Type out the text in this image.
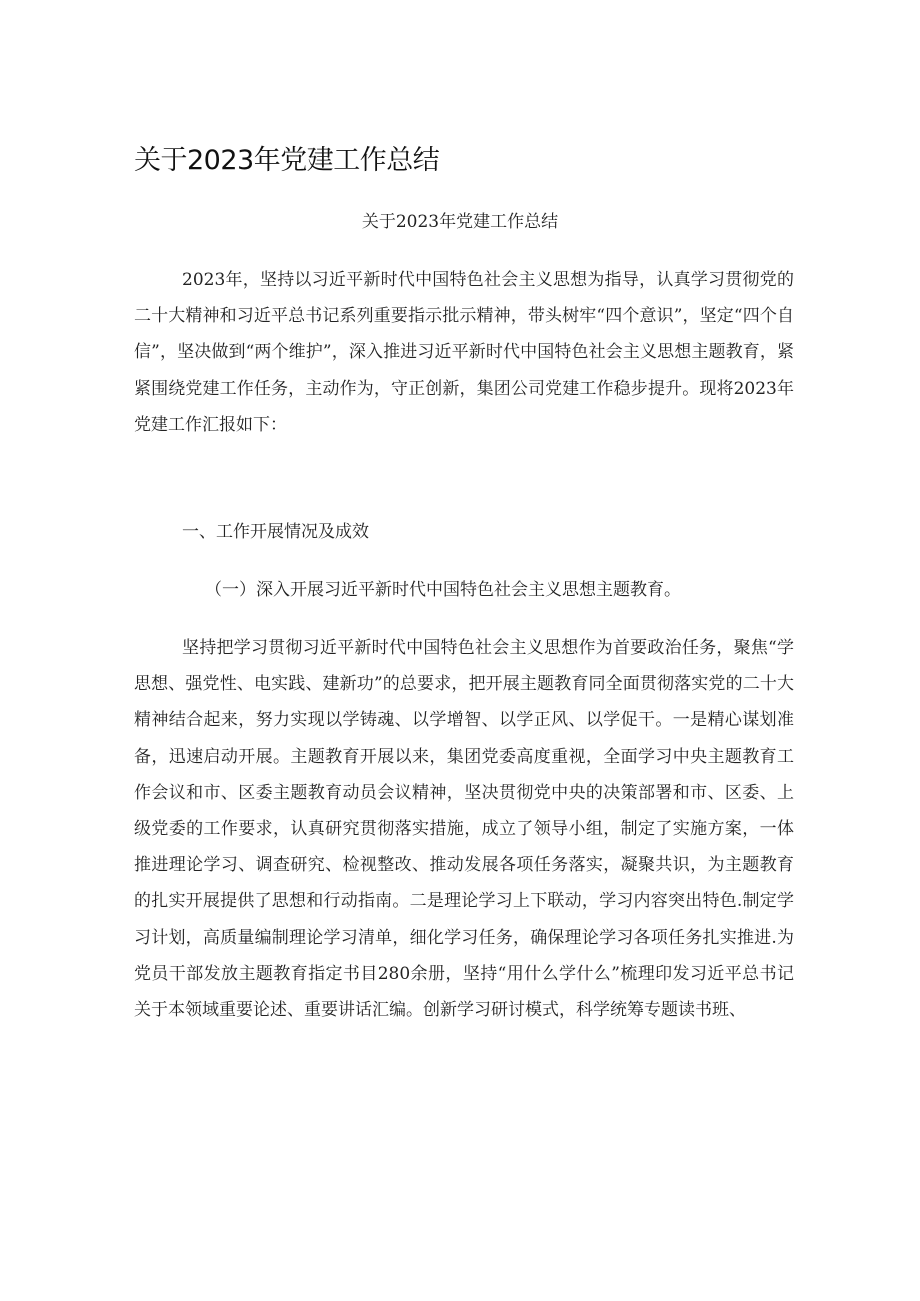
关于2023年党建工作总结

关于2023年党建工作总结

2023年，坚持以习近平新时代中国特色社会主义思想为指导，认真学习贯彻党的二十大精神和习近平总书记系列重要指示批示精神，带头树牢“四个意识”，坚定“四个自信”，坚决做到“两个维护”，深入推进习近平新时代中国特色社会主义思想主题教育，紧紧围绕党建工作任务，主动作为，守正创新，集团公司党建工作稳步提升。现将2023年党建工作汇报如下：

一、工作开展情况及成效

（一）深入开展习近平新时代中国特色社会主义思想主题教育。

坚持把学习贯彻习近平新时代中国特色社会主义思想作为首要政治任务，聚焦“学思想、强党性、电实践、建新功”的总要求，把开展主题教育同全面贯彻落实党的二十大精神结合起来，努力实现以学铸魂、以学增智、以学正风、以学促干。一是精心谋划准备，迅速启动开展。主题教育开展以来，集团党委高度重视，全面学习中央主题教育工作会议和市、区委主题教育动员会议精神，坚决贯彻党中央的决策部署和市、区委、上级党委的工作要求，认真研究贯彻落实措施，成立了领导小组，制定了实施方案，一体推进理论学习、调查研究、检视整改、推动发展各项任务落实，凝聚共识，为主题教育的扎实开展提供了思想和行动指南。二是理论学习上下联动，学习内容突出特色.制定学习计划，高质量编制理论学习清单，细化学习任务，确保理论学习各项任务扎实推进.为党员干部发放主题教育指定书目280余册，坚持“用什么学什么”梳理印发习近平总书记关于本领域重要论述、重要讲话汇编。创新学习研讨模式，科学统筹专题读书班、
